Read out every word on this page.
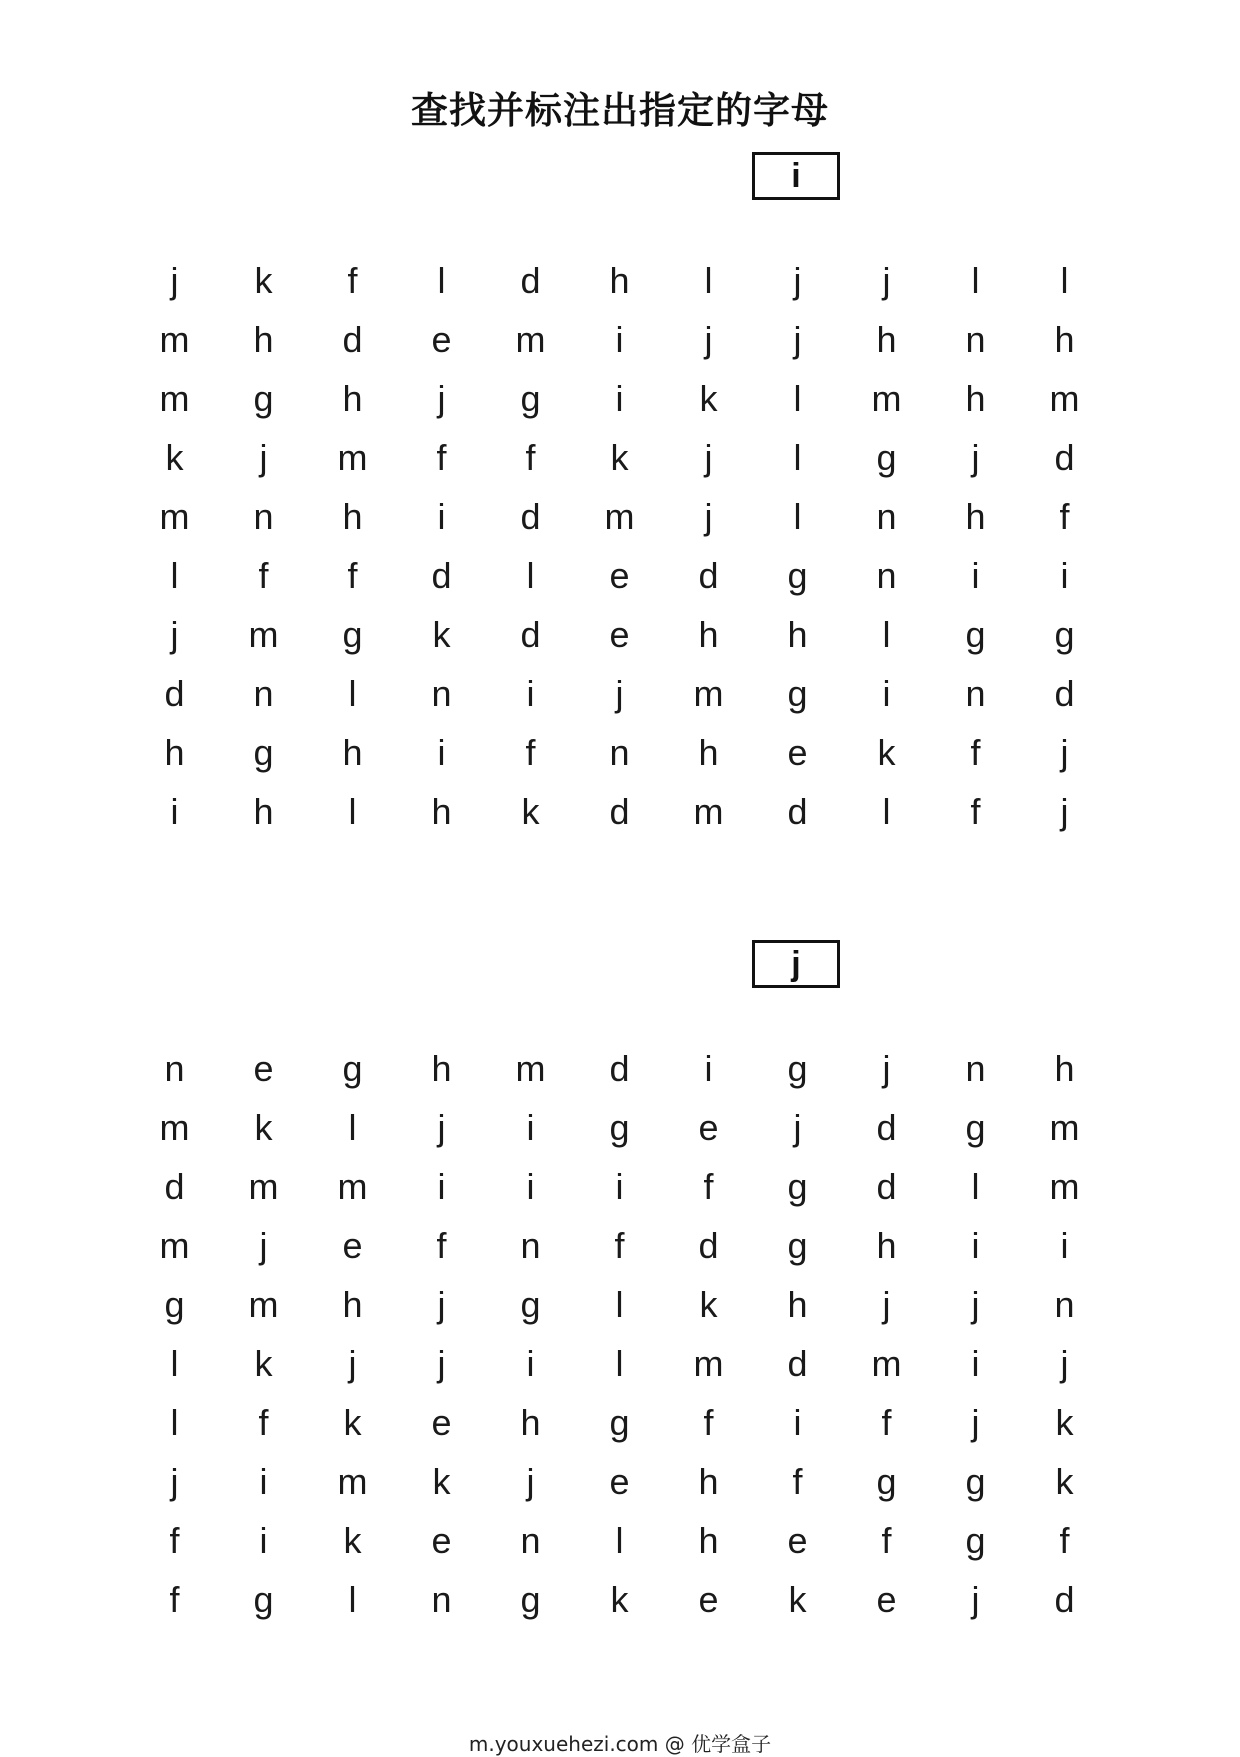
查找并标注出指定的字母
i
j	k	f	l	d	h	l	j	j	l	l
m	h	d	e	m	i	j	j	h	n	h
m	g	h	j	g	i	k	l	m	h	m
k	j	m	f	f	k	j	l	g	j	d
m	n	h	i	d	m	j	l	n	h	f
l	f	f	d	l	e	d	g	n	i	i
j	m	g	k	d	e	h	h	l	g	g
d	n	l	n	i	j	m	g	i	n	d
h	g	h	i	f	n	h	e	k	f	j
i	h	l	h	k	d	m	d	l	f	j
j
n	e	g	h	m	d	i	g	j	n	h
m	k	l	j	i	g	e	j	d	g	m
d	m	m	i	i	i	f	g	d	l	m
m	j	e	f	n	f	d	g	h	i	i
g	m	h	j	g	l	k	h	j	j	n
l	k	j	j	i	l	m	d	m	i	j
l	f	k	e	h	g	f	i	f	j	k
j	i	m	k	j	e	h	f	g	g	k
f	i	k	e	n	l	h	e	f	g	f
f	g	l	n	g	k	e	k	e	j	d
m.youxuehezi.com @ 优学盒子
